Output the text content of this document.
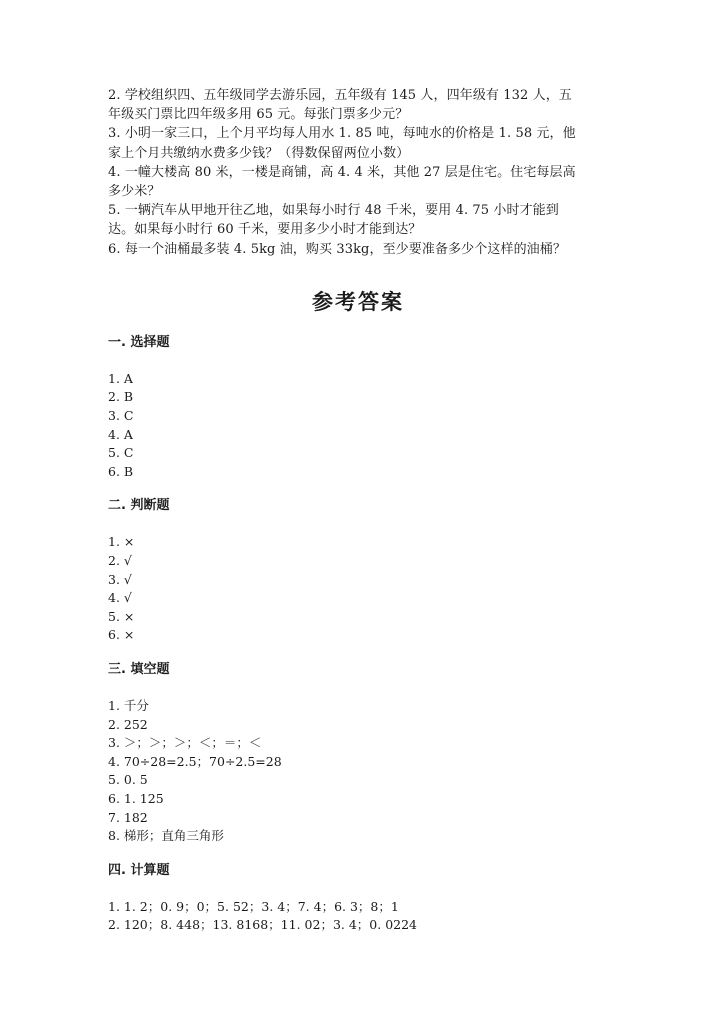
2. 学校组织四、五年级同学去游乐园，五年级有 145 人，四年级有 132 人，五
年级买门票比四年级多用 65 元。每张门票多少元？
3. 小明一家三口，上个月平均每人用水 1. 85 吨，每吨水的价格是 1. 58 元，他
家上个月共缴纳水费多少钱？（得数保留两位小数）
4. 一幢大楼高 80 米，一楼是商铺，高 4. 4 米，其他 27 层是住宅。住宅每层高
多少米？
5. 一辆汽车从甲地开往乙地，如果每小时行 48 千米，要用 4. 75 小时才能到
达。如果每小时行 60 千米，要用多少小时才能到达？
6. 每一个油桶最多装 4. 5kg 油，购买 33kg，至少要准备多少个这样的油桶？
参考答案
一. 选择题
1. A
2. B
3. C
4. A
5. C
6. B
二. 判断题
1. ×
2. √
3. √
4. √
5. ×
6. ×
三. 填空题
1. 千分
2. 252
3. ＞；＞；＞；＜；＝；＜
4. 70÷28=2.5；70÷2.5=28
5. 0. 5
6. 1. 125
7. 182
8. 梯形；直角三角形
四. 计算题
1. 1. 2；0. 9；0；5. 52；3. 4；7. 4；6. 3；8；1
2. 120；8. 448；13. 8168；11. 02；3. 4；0. 0224
